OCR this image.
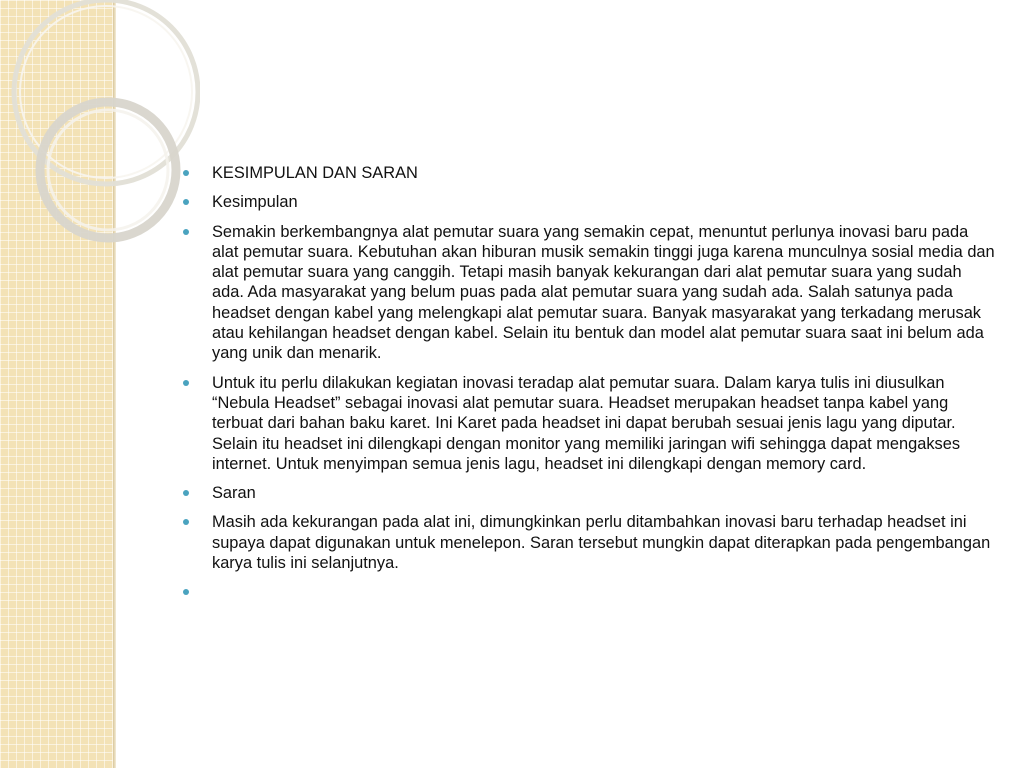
KESIMPULAN DAN SARAN
Kesimpulan
Semakin berkembangnya alat pemutar suara yang semakin cepat, menuntut perlunya inovasi baru pada alat pemutar suara. Kebutuhan akan hiburan musik semakin tinggi juga karena munculnya sosial media dan alat pemutar suara yang canggih. Tetapi masih banyak kekurangan dari alat pemutar suara yang sudah ada. Ada masyarakat yang belum puas pada alat pemutar suara yang sudah ada. Salah satunya pada headset dengan kabel yang melengkapi alat pemutar suara. Banyak masyarakat yang terkadang merusak atau kehilangan headset dengan kabel. Selain itu bentuk dan model alat pemutar suara saat ini belum ada yang unik dan menarik.
Untuk itu perlu dilakukan kegiatan inovasi teradap alat pemutar suara. Dalam karya tulis ini diusulkan “Nebula Headset” sebagai inovasi alat pemutar suara. Headset merupakan headset tanpa kabel yang terbuat dari bahan baku karet. Ini Karet pada headset ini dapat berubah sesuai jenis lagu yang diputar. Selain itu headset ini dilengkapi dengan monitor yang memiliki jaringan wifi sehingga dapat mengakses internet. Untuk menyimpan semua jenis lagu, headset ini dilengkapi dengan memory card.
Saran
Masih ada kekurangan pada alat ini, dimungkinkan perlu ditambahkan inovasi baru terhadap headset ini supaya dapat digunakan untuk menelepon. Saran tersebut mungkin dapat diterapkan pada pengembangan karya tulis ini selanjutnya.
